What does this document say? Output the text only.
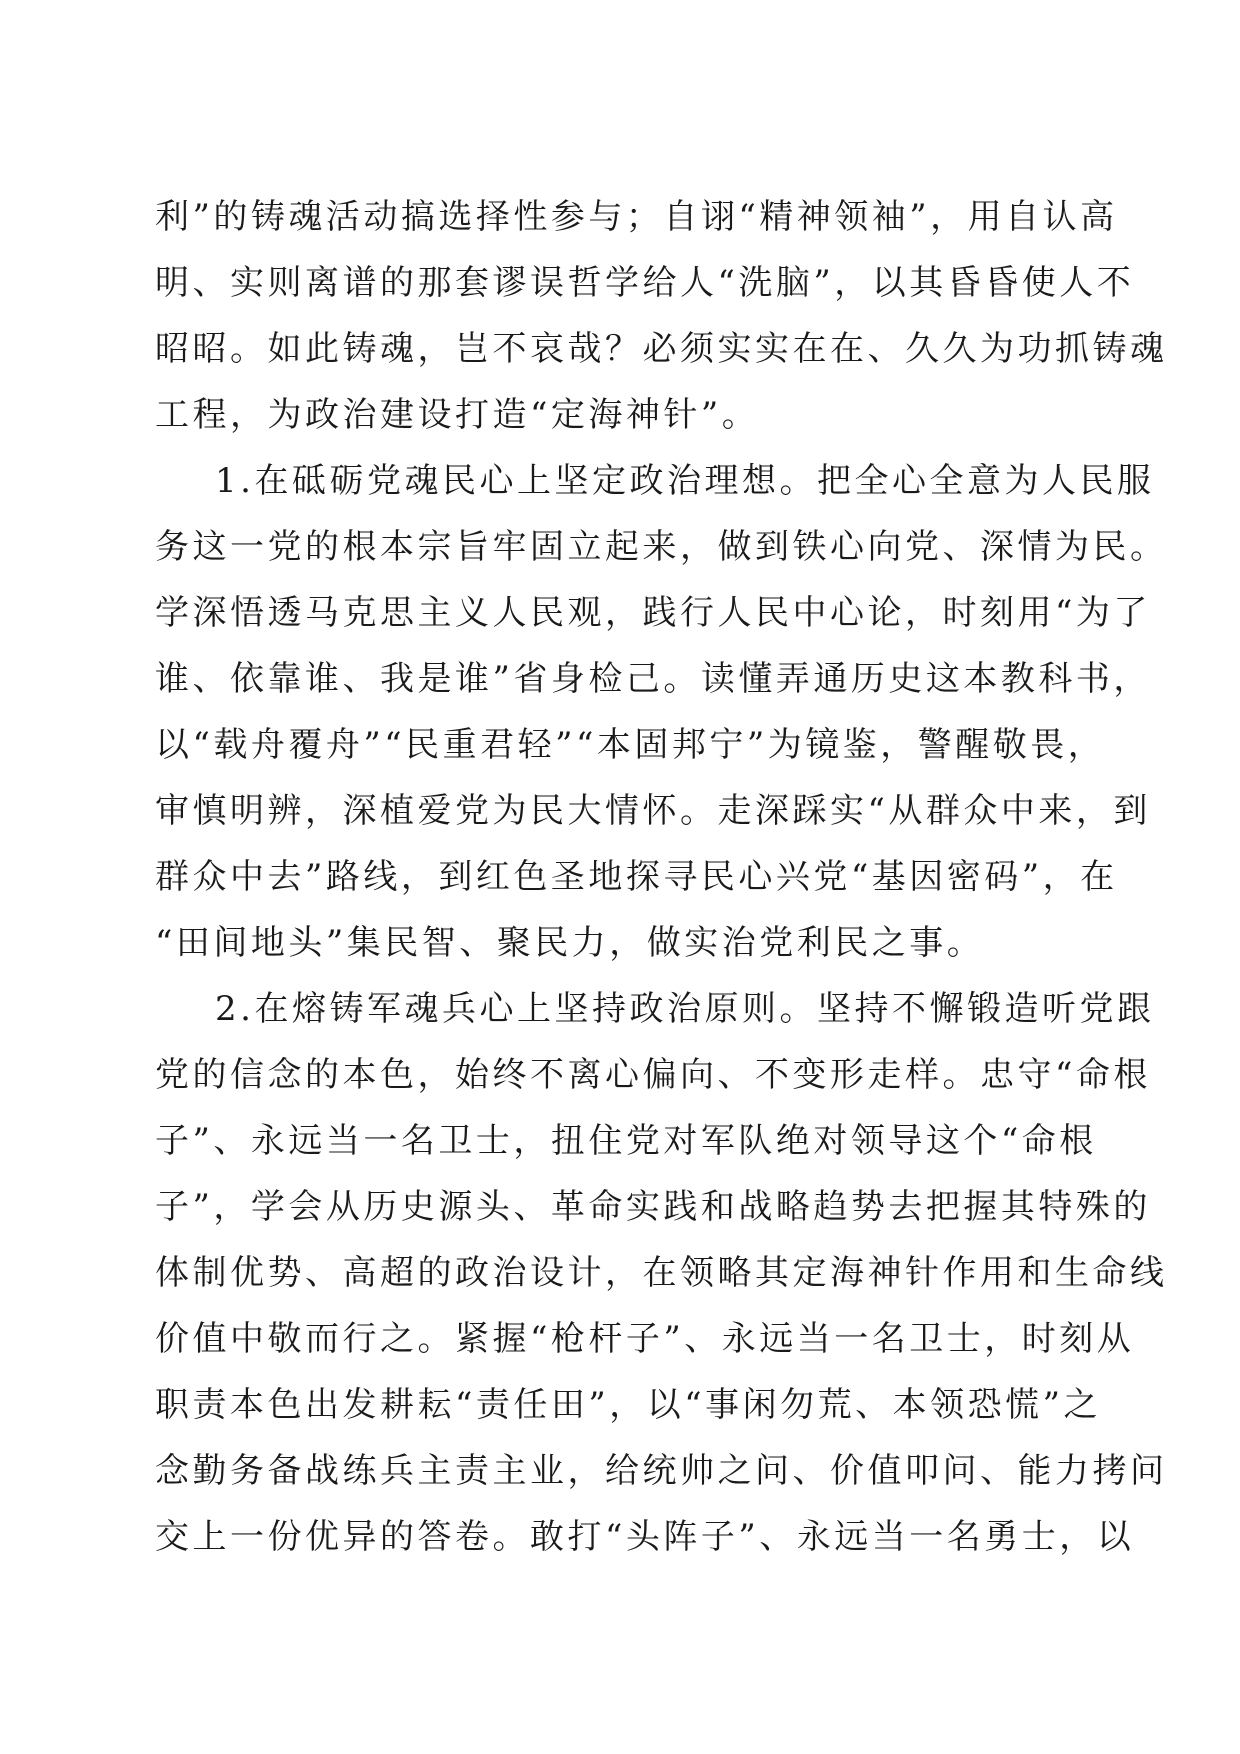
利”的铸魂活动搞选择性参与；自诩“精神领袖”，用自认高
明、实则离谱的那套谬误哲学给人“洗脑”，以其昏昏使人不
昭昭。如此铸魂，岂不哀哉？必须实实在在、久久为功抓铸魂
工程，为政治建设打造“定海神针”。
1.在砥砺党魂民心上坚定政治理想。把全心全意为人民服
务这一党的根本宗旨牢固立起来，做到铁心向党、深情为民。
学深悟透马克思主义人民观，践行人民中心论，时刻用“为了
谁、依靠谁、我是谁”省身检己。读懂弄通历史这本教科书，
以“载舟覆舟”“民重君轻”“本固邦宁”为镜鉴，警醒敬畏，
审慎明辨，深植爱党为民大情怀。走深踩实“从群众中来，到
群众中去”路线，到红色圣地探寻民心兴党“基因密码”，在
“田间地头”集民智、聚民力，做实治党利民之事。
2.在熔铸军魂兵心上坚持政治原则。坚持不懈锻造听党跟
党的信念的本色，始终不离心偏向、不变形走样。忠守“命根
子”、永远当一名卫士，扭住党对军队绝对领导这个“命根
子”，学会从历史源头、革命实践和战略趋势去把握其特殊的
体制优势、高超的政治设计，在领略其定海神针作用和生命线
价值中敬而行之。紧握“枪杆子”、永远当一名卫士，时刻从
职责本色出发耕耘“责任田”，以“事闲勿荒、本领恐慌”之
念勤务备战练兵主责主业，给统帅之问、价值叩问、能力拷问
交上一份优异的答卷。敢打“头阵子”、永远当一名勇士，以
